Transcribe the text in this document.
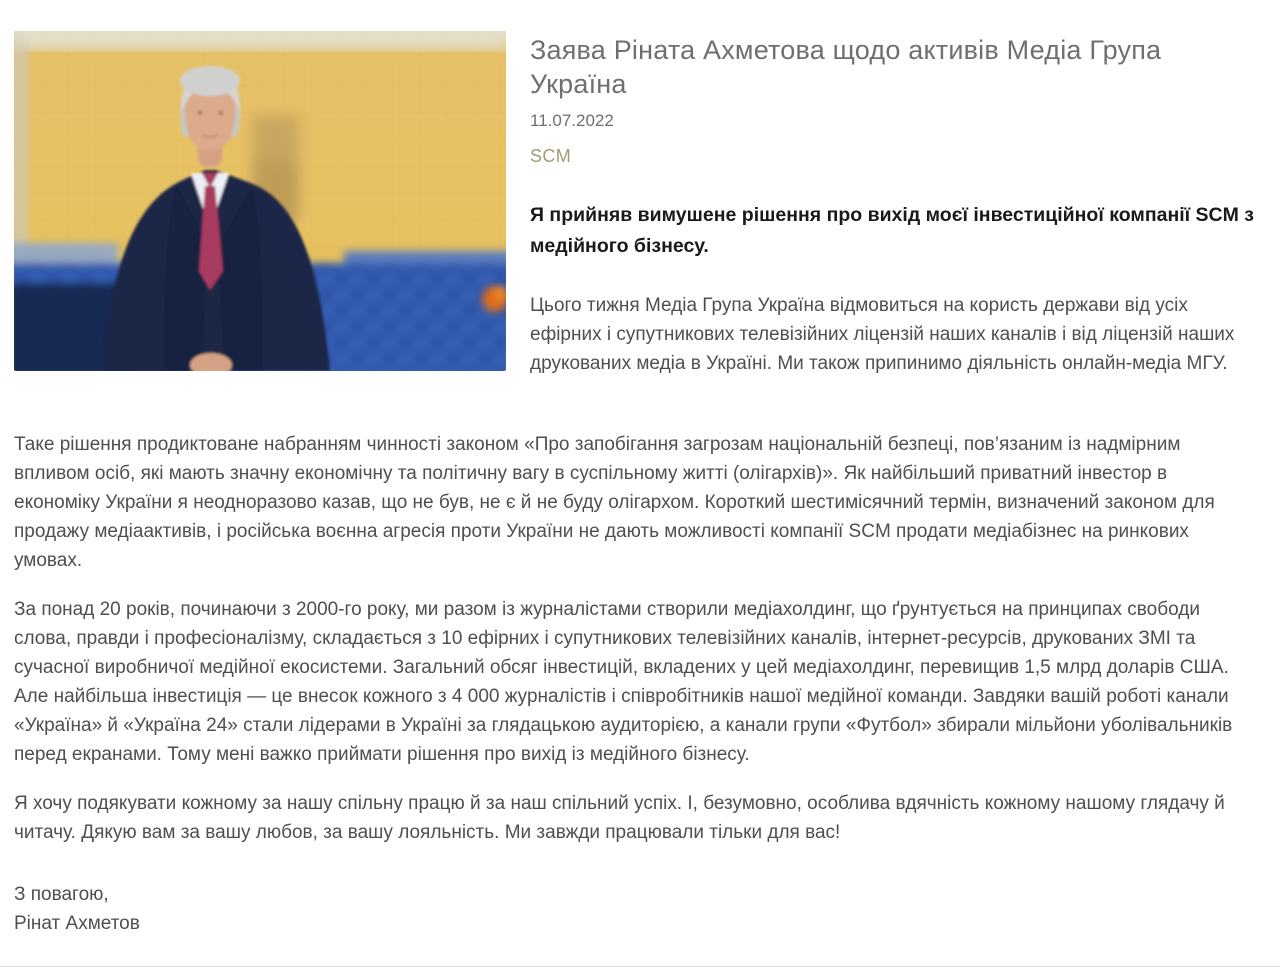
Заява Ріната Ахметова щодо активів Медіа Група Україна
11.07.2022
SCM

Я прийняв вимушене рішення про вихід моєї інвестиційної компанії SCM з медійного бізнесу.

Цього тижня Медіа Група Україна відмовиться на користь держави від усіх ефірних і супутникових телевізійних ліцензій наших каналів і від ліцензій наших друкованих медіа в Україні. Ми також припинимо діяльність онлайн-медіа МГУ.

Таке рішення продиктоване набранням чинності законом «Про запобігання загрозам національній безпеці, пов’язаним із надмірним впливом осіб, які мають значну економічну та політичну вагу в суспільному житті (олігархів)». Як найбільший приватний інвестор в економіку України я неодноразово казав, що не був, не є й не буду олігархом. Короткий шестимісячний термін, визначений законом для продажу медіаактивів, і російська воєнна агресія проти України не дають можливості компанії SCM продати медіабізнес на ринкових умовах.

За понад 20 років, починаючи з 2000-го року, ми разом із журналістами створили медіахолдинг, що ґрунтується на принципах свободи слова, правди і професіоналізму, складається з 10 ефірних і супутникових телевізійних каналів, інтернет-ресурсів, друкованих ЗМІ та сучасної виробничої медійної екосистеми. Загальний обсяг інвестицій, вкладених у цей медіахолдинг, перевищив 1,5 млрд доларів США. Але найбільша інвестиція — це внесок кожного з 4 000 журналістів і співробітників нашої медійної команди. Завдяки вашій роботі канали «Україна» й «Україна 24» стали лідерами в Україні за глядацькою аудиторією, а канали групи «Футбол» збирали мільйони уболівальників перед екранами. Тому мені важко приймати рішення про вихід із медійного бізнесу.

Я хочу подякувати кожному за нашу спільну працю й за наш спільний успіх. І, безумовно, особлива вдячність кожному нашому глядачу й читачу. Дякую вам за вашу любов, за вашу лояльність. Ми завжди працювали тільки для вас!

З повагою,
Рінат Ахметов
